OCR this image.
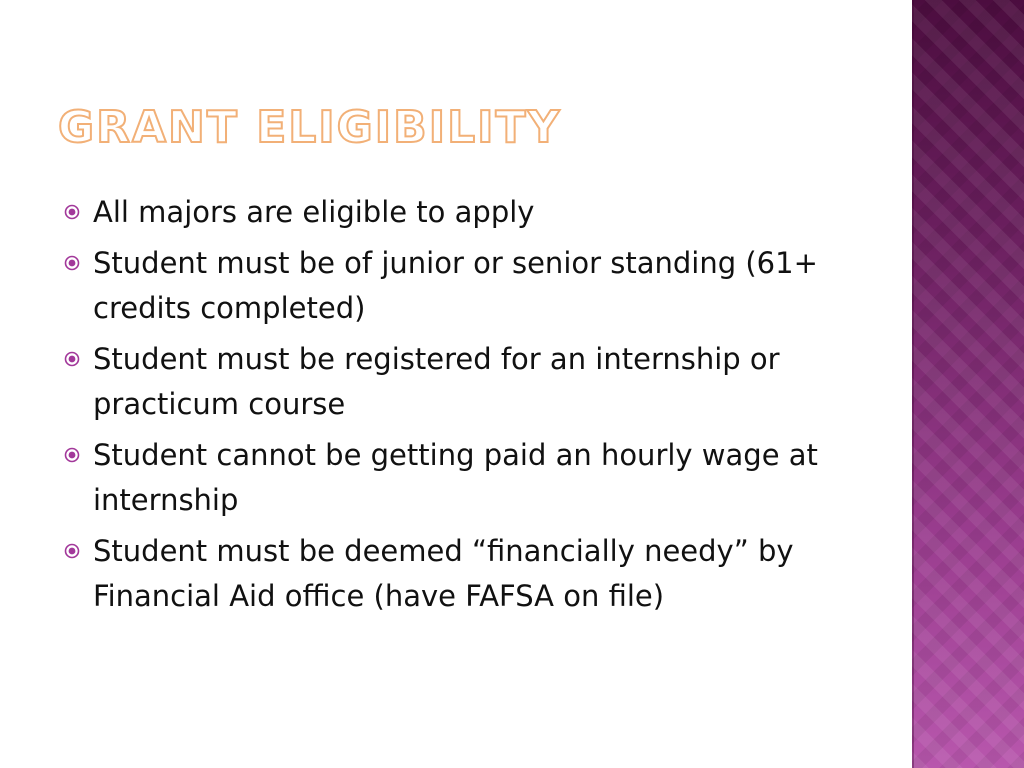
GRANT ELIGIBILITY
All majors are eligible to apply
Student must be of junior or senior standing (61+ credits completed)
Student must be registered for an internship or practicum course
Student cannot be getting paid an hourly wage at internship
Student must be deemed “financially needy” by Financial Aid office (have FAFSA on file)
